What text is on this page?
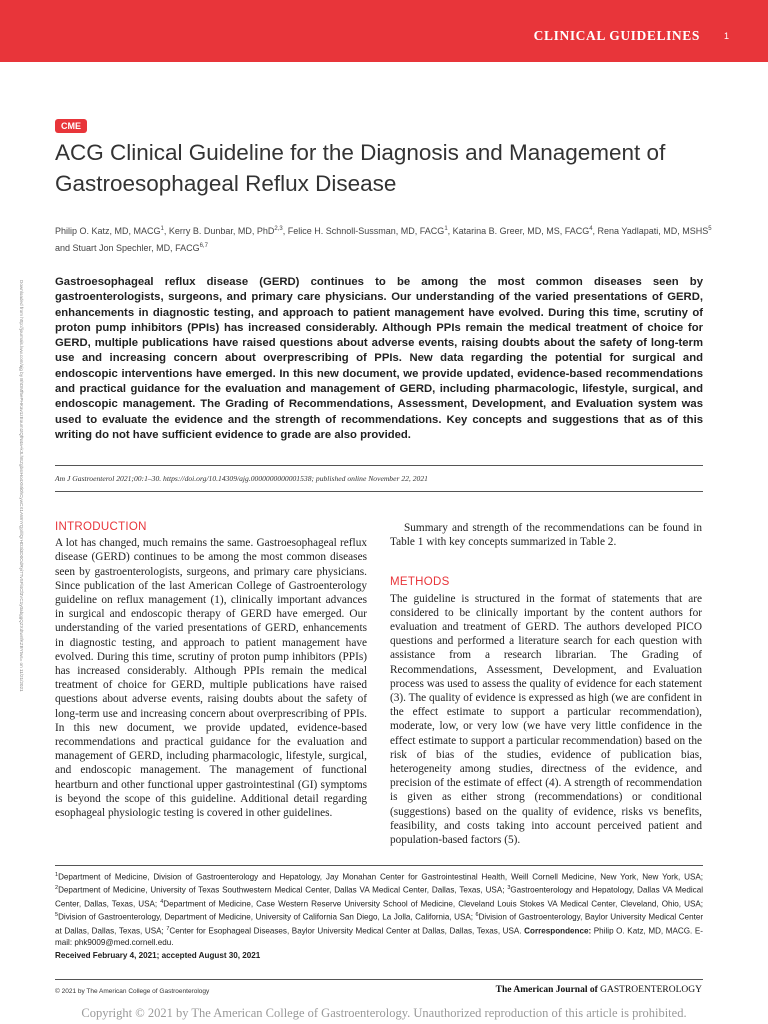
CLINICAL GUIDELINES	1
CME
ACG Clinical Guideline for the Diagnosis and Management of Gastroesophageal Reflux Disease
Philip O. Katz, MD, MACG$^1$, Kerry B. Dunbar, MD, PhD$^{2,3}$, Felice H. Schnoll-Sussman, MD, FACG$^1$, Katarina B. Greer, MD, MS, FACG$^4$, Rena Yadlapati, MD, MSHS$^5$ and Stuart Jon Spechler, MD, FACG$^{6,7}$
Downloaded from http://journals.lww.com/ajg by BhDMf5ePHKav1zEoum1tQfN4a+kJLhEZgbsIHo4XMi0hCywCX1AWnYQp/IlQrHD3i3D0OdRyi7TvSFl4Cf3VC1y0abggQZXdtwnfKZBYtws= on 11/21/2021	Gastroesophageal reflux disease (GERD) continues to be among the most common diseases seen by gastroenterologists, surgeons, and primary care physicians. Our understanding of the varied presentations of GERD, enhancements in diagnostic testing, and approach to patient management have evolved. During this time, scrutiny of proton pump inhibitors (PPIs) has increased considerably. Although PPIs remain the medical treatment of choice for GERD, multiple publications have raised questions about adverse events, raising doubts about the safety of long-term use and increasing concern about overprescribing of PPIs. New data regarding the potential for surgical and endoscopic interventions have emerged. In this new document, we provide updated, evidence-based recommendations and practical guidance for the evaluation and management of GERD, including pharmacologic, lifestyle, surgical, and endoscopic management. The Grading of Recommendations, Assessment, Development, and Evaluation system was used to evaluate the evidence and the strength of recommendations. Key concepts and suggestions that as of this writing do not have sufficient evidence to grade are also provided.
Am J Gastroenterol 2021;00:1–30. https://doi.org/10.14309/ajg.0000000000001538; published online November 22, 2021
INTRODUCTION

A lot has changed, much remains the same. Gastroesophageal reflux disease (GERD) continues to be among the most common diseases seen by gastroenterologists, surgeons, and primary care physicians. Since publication of the last American College of Gastroenterology guideline on reflux management (1), clinically important advances in surgical and endoscopic therapy of GERD have emerged. Our understanding of the varied presentations of GERD, enhancements in diagnostic testing, and approach to patient management have evolved. During this time, scrutiny of proton pump inhibitors (PPIs) has increased considerably. Although PPIs remain the medical treatment of choice for GERD, multiple publications have raised questions about adverse events, raising doubts about the safety of long-term use and increasing concern about overprescribing of PPIs. In this new document, we provide updated, evidence-based recommendations and practical guidance for the evaluation and management of GERD, including pharmacologic, lifestyle, surgical, and endoscopic management. The management of functional heartburn and other functional upper gastrointestinal (GI) symptoms is beyond the scope of this guideline. Additional detail regarding esophageal physiologic testing is covered in other guidelines.

Summary and strength of the recommendations can be found in Table 1 with key concepts summarized in Table 2.

METHODS

The guideline is structured in the format of statements that are considered to be clinically important by the content authors for evaluation and treatment of GERD. The authors developed PICO questions and performed a literature search for each question with assistance from a research librarian. The Grading of Recommendations, Assessment, Development, and Evaluation process was used to assess the quality of evidence for each statement (3). The quality of evidence is expressed as high (we are confident in the effect estimate to support a particular recommendation), moderate, low, or very low (we have very little confidence in the effect estimate to support a particular recommendation) based on the risk of bias of the studies, evidence of publication bias, heterogeneity among studies, directness of the evidence, and precision of the estimate of effect (4). A strength of recommendation is given as either strong (recommendations) or conditional (suggestions) based on the quality of evidence, risks vs benefits, feasibility, and costs taking into account perceived patient and population-based factors (5).

$^1$Department of Medicine, Division of Gastroenterology and Hepatology, Jay Monahan Center for Gastrointestinal Health, Weill Cornell Medicine, New York, New York, USA; $^2$Department of Medicine, University of Texas Southwestern Medical Center, Dallas VA Medical Center, Dallas, Texas, USA; $^3$Gastroenterology and Hepatology, Dallas VA Medical Center, Dallas, Texas, USA; $^4$Department of Medicine, Case Western Reserve University School of Medicine, Cleveland Louis Stokes VA Medical Center, Cleveland, Ohio, USA; $^5$Division of Gastroenterology, Department of Medicine, University of California San Diego, La Jolla, California, USA; $^6$Division of Gastroenterology, Baylor University Medical Center at Dallas, Dallas, Texas, USA; $^7$Center for Esophageal Diseases, Baylor University Medical Center at Dallas, Dallas, Texas, USA. Correspondence: Philip O. Katz, MD, MACG. E-mail: phk9009@med.cornell.edu.
Received February 4, 2021; accepted August 30, 2021
© 2021 by The American College of Gastroenterology	The American Journal of GASTROENTEROLOGY
Copyright © 2021 by The American College of Gastroenterology. Unauthorized reproduction of this article is prohibited.
